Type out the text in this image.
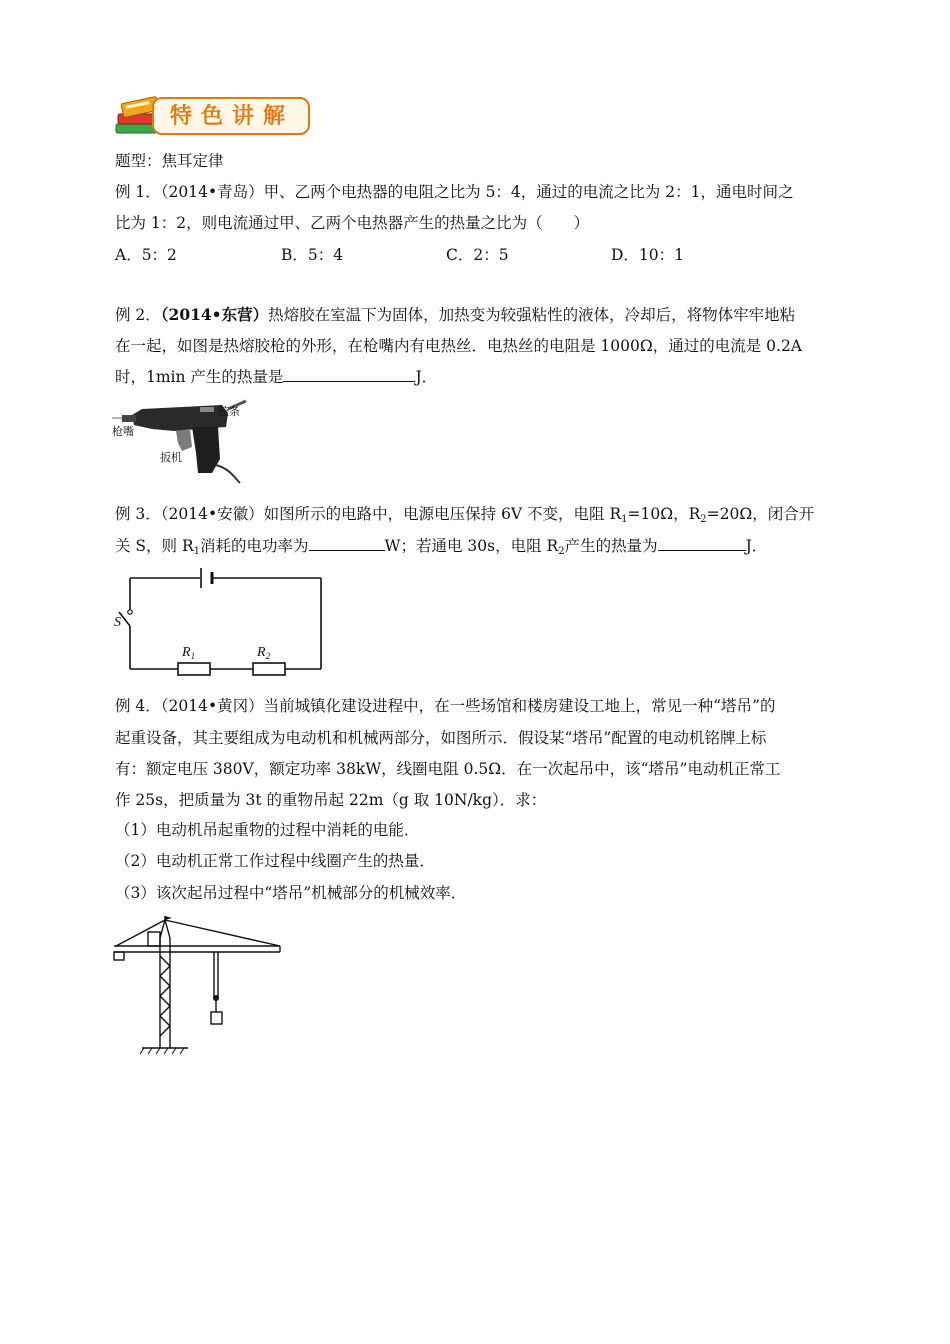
特色讲解
题型：焦耳定律
例 1．（2014•青岛）甲、乙两个电热器的电阻之比为 5：4，通过的电流之比为 2：1，通电时间之
比为 1：2，则电流通过甲、乙两个电热器产生的热量之比为（　　）
A．5：2	B．5：4	C．2：5	D．10：1
例 2．（2014•东营）热熔胶在室温下为固体，加热变为较强粘性的液体，冷却后，将物体牢牢地粘
在一起，如图是热熔胶枪的外形，在枪嘴内有电热丝．电热丝的电阻是 1000Ω，通过的电流是 0.2A
时，1min 产生的热量是	J．
枪嘴
胶条
扳机
例 3．（2014•安徽）如图所示的电路中，电源电压保持 6V 不变，电阻 $R_1=10\Omega$，$R_2=20\Omega$，闭合开
关 S，则 $R_1$消耗的电功率为	W；若通电 30s，电阻 $R_2$产生的热量为	J．
S
$R_1$	$R_2$
例 4．（2014•黄冈）当前城镇化建设进程中，在一些场馆和楼房建设工地上，常见一种“塔吊”的
起重设备，其主要组成为电动机和机械两部分，如图所示．假设某“塔吊”配置的电动机铭牌上标
有：额定电压 380V，额定功率 38kW，线圈电阻 0.5Ω．在一次起吊中，该“塔吊”电动机正常工
作 25s，把质量为 3t 的重物吊起 22m（g 取 10N/kg）．求：
（1）电动机吊起重物的过程中消耗的电能．
（2）电动机正常工作过程中线圈产生的热量．
（3）该次起吊过程中“塔吊”机械部分的机械效率．
